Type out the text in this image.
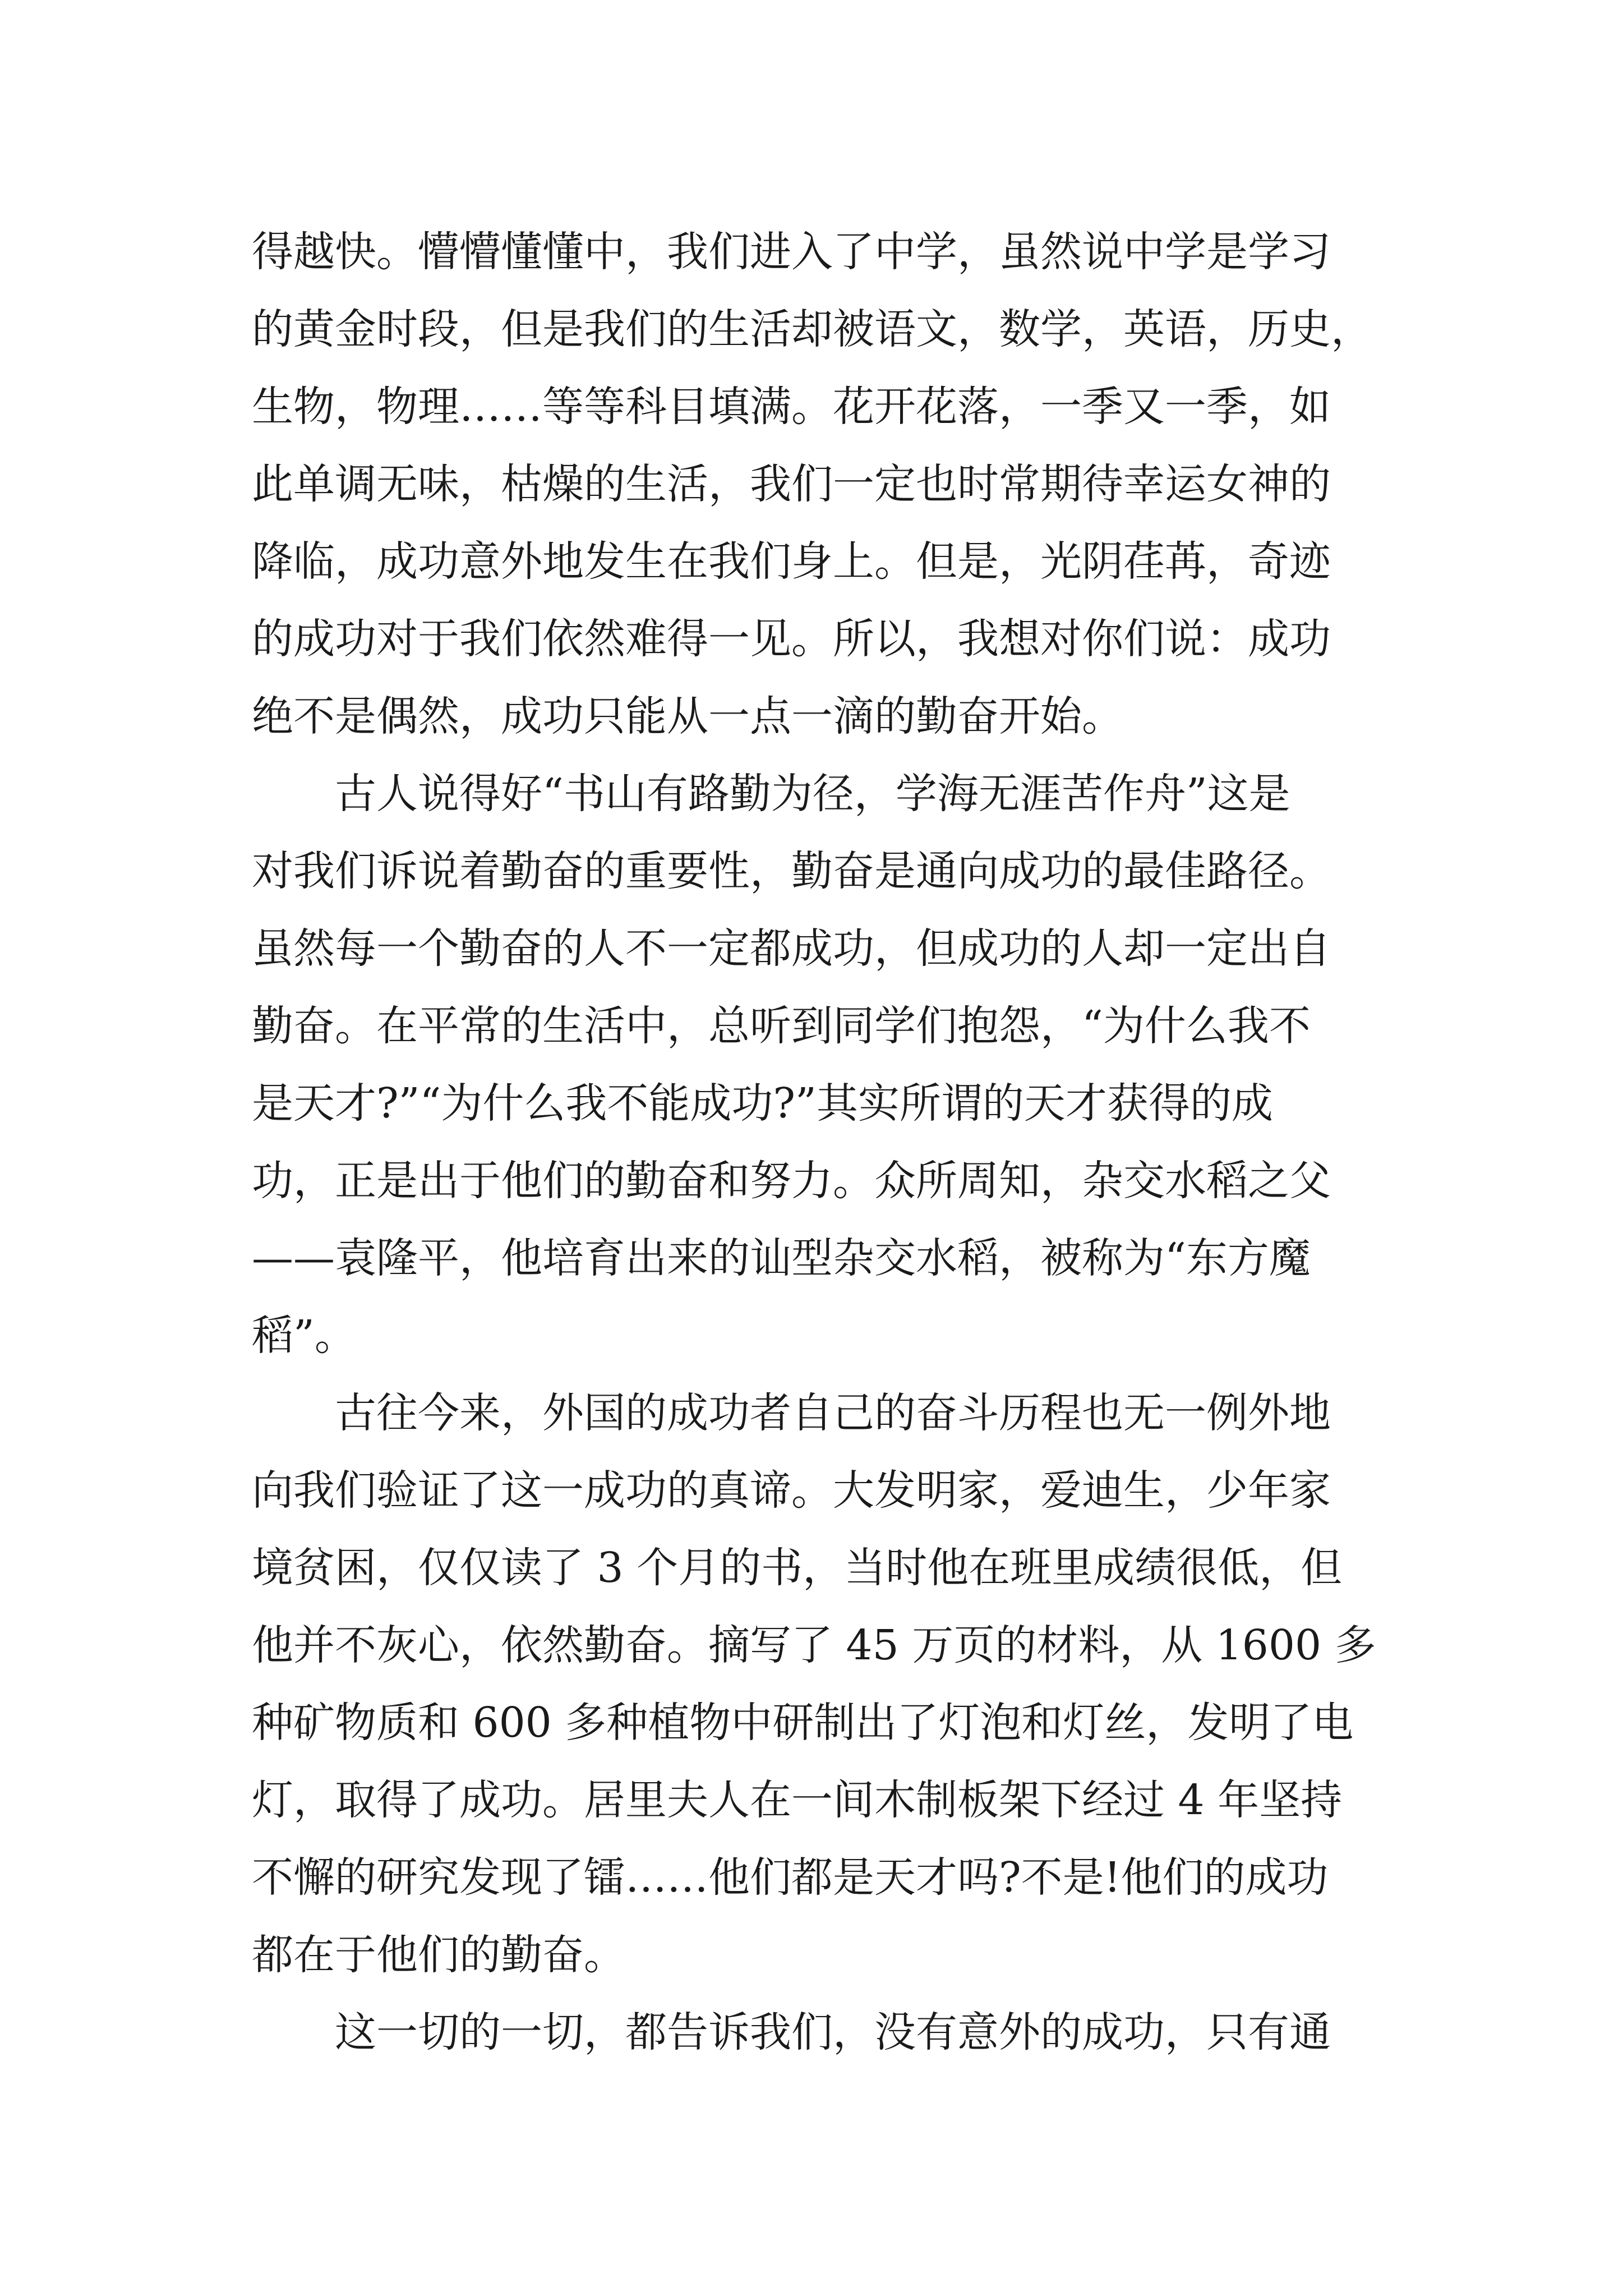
得越快。懵懵懂懂中，我们进入了中学，虽然说中学是学习
的黄金时段，但是我们的生活却被语文，数学，英语，历史，
生物，物理……等等科目填满。花开花落，一季又一季，如
此单调无味，枯燥的生活，我们一定也时常期待幸运女神的
降临，成功意外地发生在我们身上。但是，光阴荏苒，奇迹
的成功对于我们依然难得一见。所以，我想对你们说：成功
绝不是偶然，成功只能从一点一滴的勤奋开始。
古人说得好“书山有路勤为径，学海无涯苦作舟”这是
对我们诉说着勤奋的重要性，勤奋是通向成功的最佳路径。
虽然每一个勤奋的人不一定都成功，但成功的人却一定出自
勤奋。在平常的生活中，总听到同学们抱怨，“为什么我不
是天才?”“为什么我不能成功?”其实所谓的天才获得的成
功，正是出于他们的勤奋和努力。众所周知，杂交水稻之父
——袁隆平，他培育出来的讪型杂交水稻，被称为“东方魔
稻”。
古往今来，外国的成功者自己的奋斗历程也无一例外地
向我们验证了这一成功的真谛。大发明家，爱迪生，少年家
境贫困，仅仅读了 3 个月的书，当时他在班里成绩很低，但
他并不灰心，依然勤奋。摘写了 45 万页的材料，从 1600 多
种矿物质和 600 多种植物中研制出了灯泡和灯丝，发明了电
灯，取得了成功。居里夫人在一间木制板架下经过 4 年坚持
不懈的研究发现了镭……他们都是天才吗?不是!他们的成功
都在于他们的勤奋。
这一切的一切，都告诉我们，没有意外的成功，只有通
